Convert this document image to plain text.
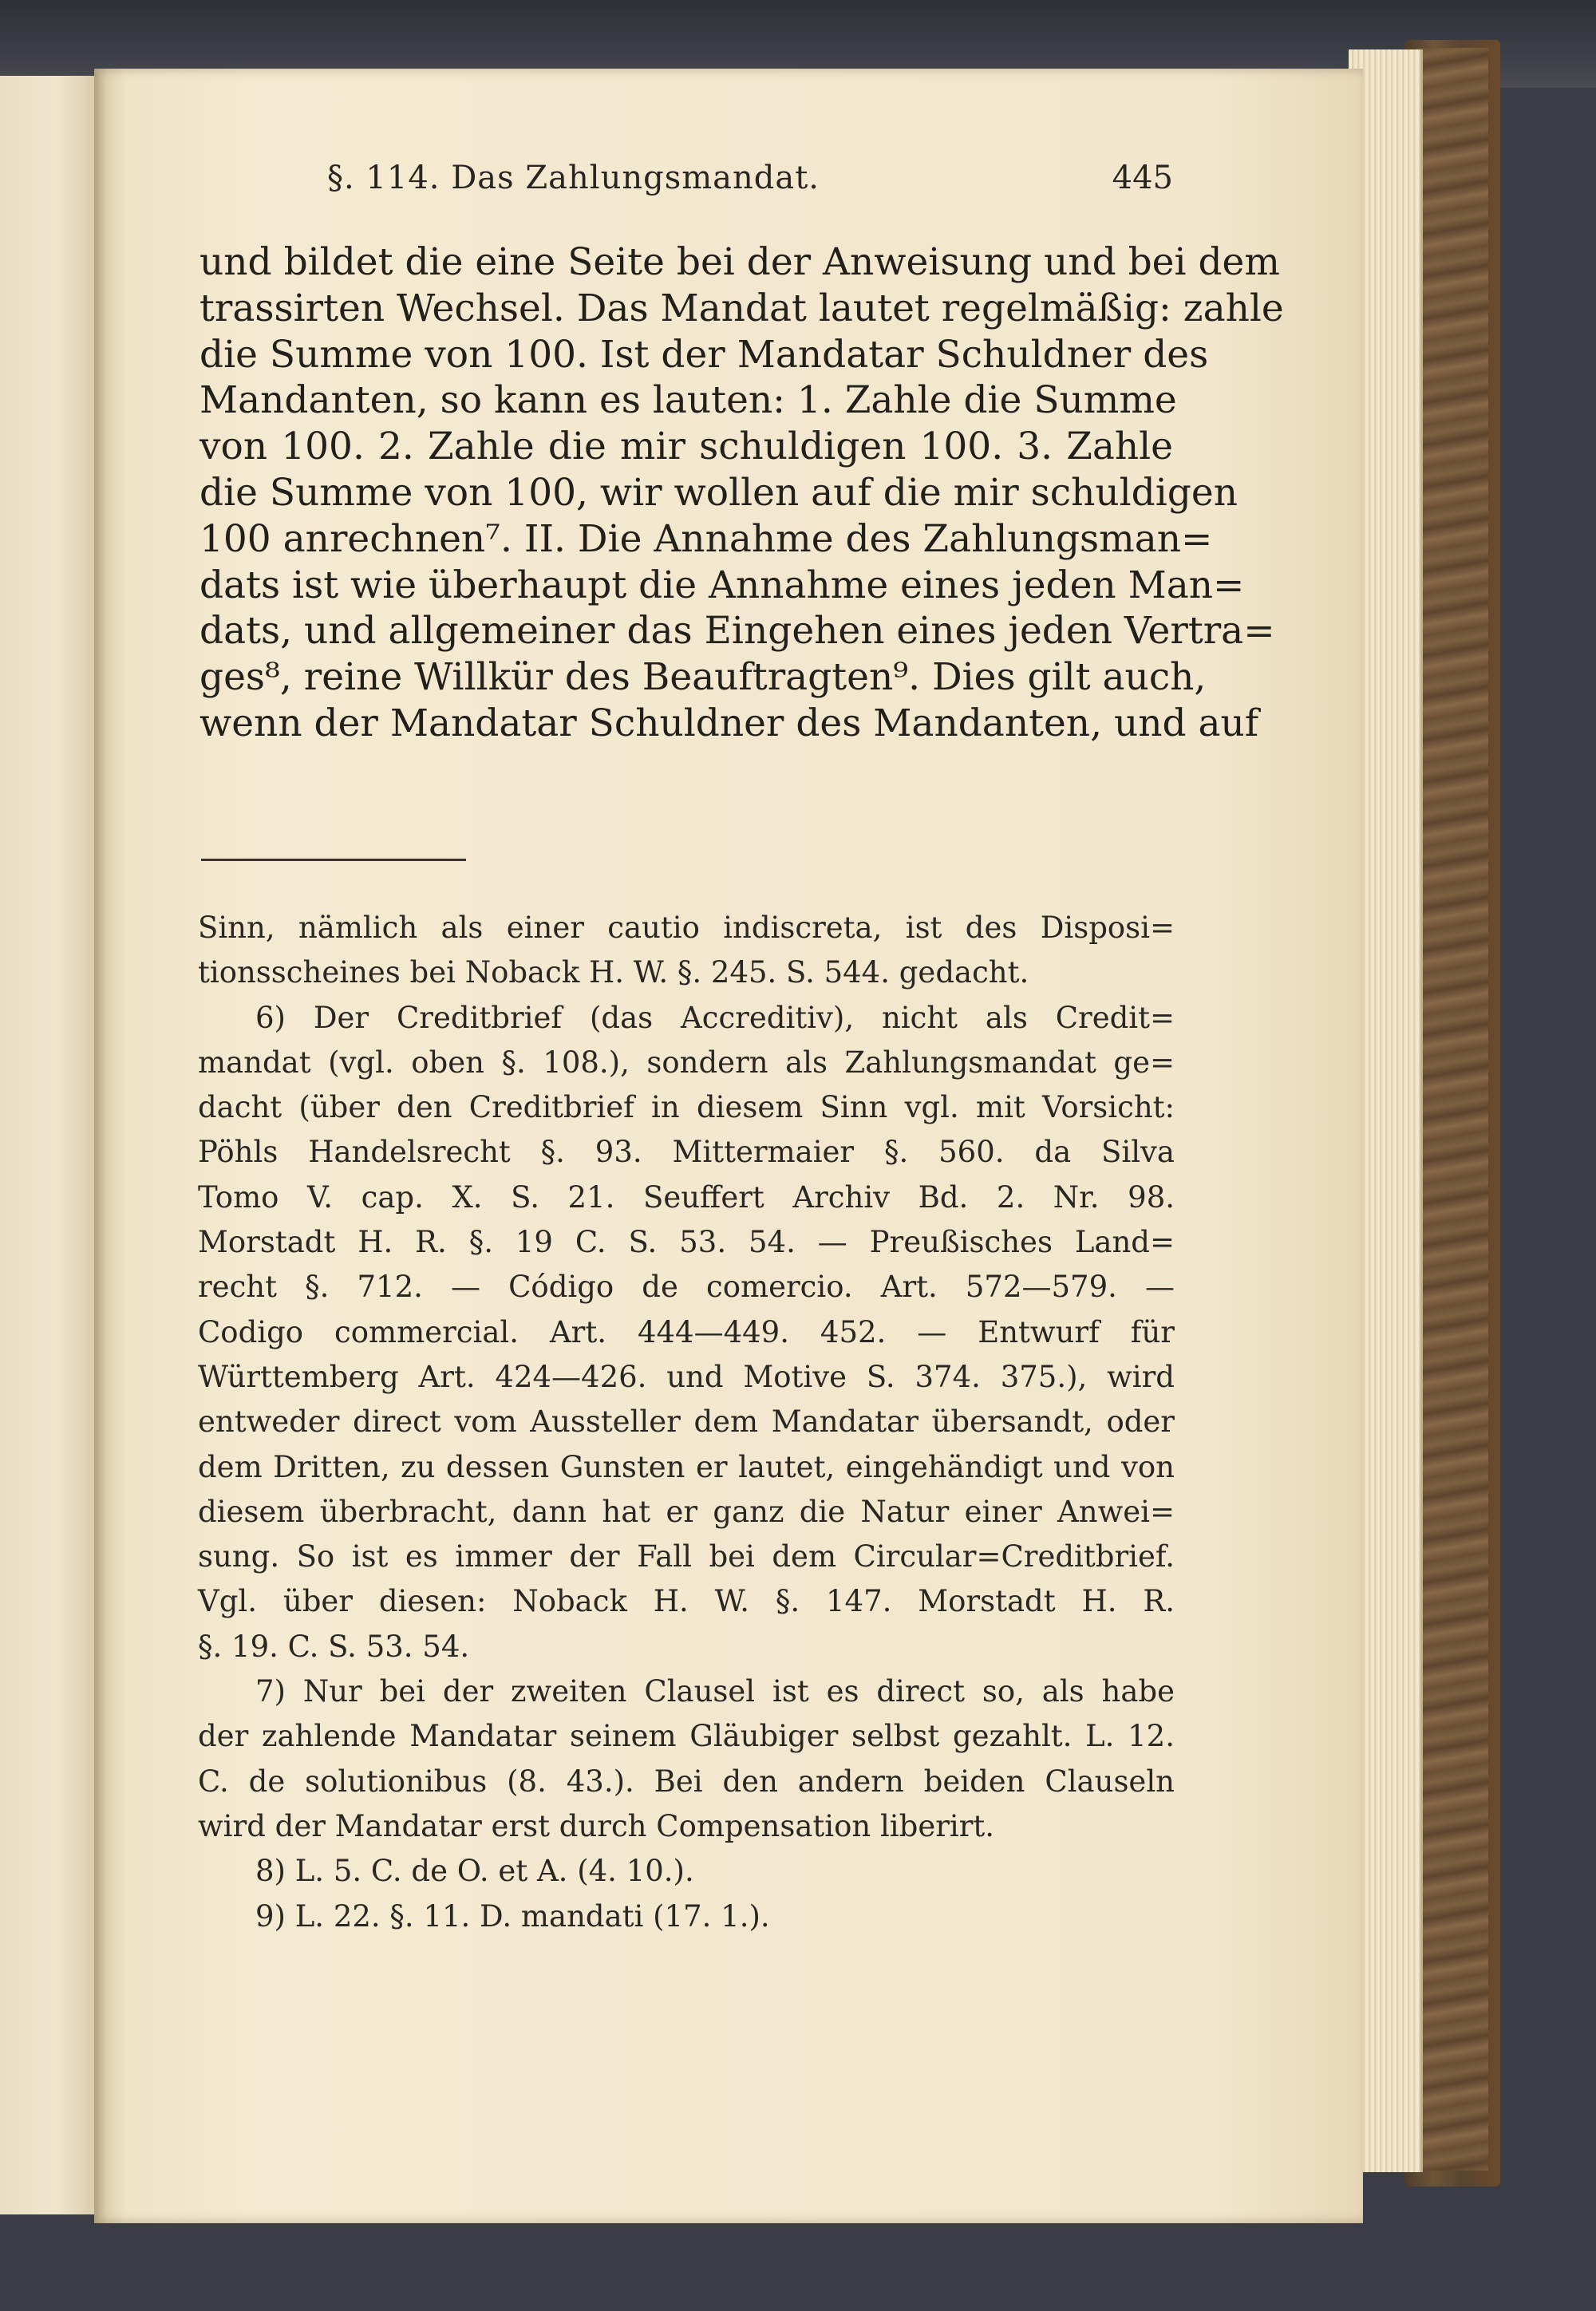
§. 114. Das Zahlungsmandat.	445
und bildet die eine Seite bei der Anweisung und bei dem
trassirten Wechsel. Das Mandat lautet regelmäßig: zahle
die Summe von 100. Ist der Mandatar Schuldner des
Mandanten, so kann es lauten: 1. Zahle die Summe
von 100. 2. Zahle die mir schuldigen 100. 3. Zahle
die Summe von 100, wir wollen auf die mir schuldigen
100 anrechnen⁷. II. Die Annahme des Zahlungsman=
dats ist wie überhaupt die Annahme eines jeden Man=
dats, und allgemeiner das Eingehen eines jeden Vertra=
ges⁸, reine Willkür des Beauftragten⁹. Dies gilt auch,
wenn der Mandatar Schuldner des Mandanten, und auf
Sinn, nämlich als einer cautio indiscreta, ist des Disposi=
tionsscheines bei Noback H. W. §. 245. S. 544. gedacht.
6) Der Creditbrief (das Accreditiv), nicht als Credit=
mandat (vgl. oben §. 108.), sondern als Zahlungsmandat ge=
dacht (über den Creditbrief in diesem Sinn vgl. mit Vorsicht:
Pöhls Handelsrecht §. 93. Mittermaier §. 560. da Silva
Tomo V. cap. X. S. 21. Seuffert Archiv Bd. 2. Nr. 98.
Morstadt H. R. §. 19 C. S. 53. 54. — Preußisches Land=
recht §. 712. — Código de comercio. Art. 572—579. —
Codigo commercial. Art. 444—449. 452. — Entwurf für
Württemberg Art. 424—426. und Motive S. 374. 375.), wird
entweder direct vom Aussteller dem Mandatar übersandt, oder
dem Dritten, zu dessen Gunsten er lautet, eingehändigt und von
diesem überbracht, dann hat er ganz die Natur einer Anwei=
sung. So ist es immer der Fall bei dem Circular=Creditbrief.
Vgl. über diesen: Noback H. W. §. 147. Morstadt H. R.
§. 19. C. S. 53. 54.
7) Nur bei der zweiten Clausel ist es direct so, als habe
der zahlende Mandatar seinem Gläubiger selbst gezahlt. L. 12.
C. de solutionibus (8. 43.). Bei den andern beiden Clauseln
wird der Mandatar erst durch Compensation liberirt.
8) L. 5. C. de O. et A. (4. 10.).
9) L. 22. §. 11. D. mandati (17. 1.).
